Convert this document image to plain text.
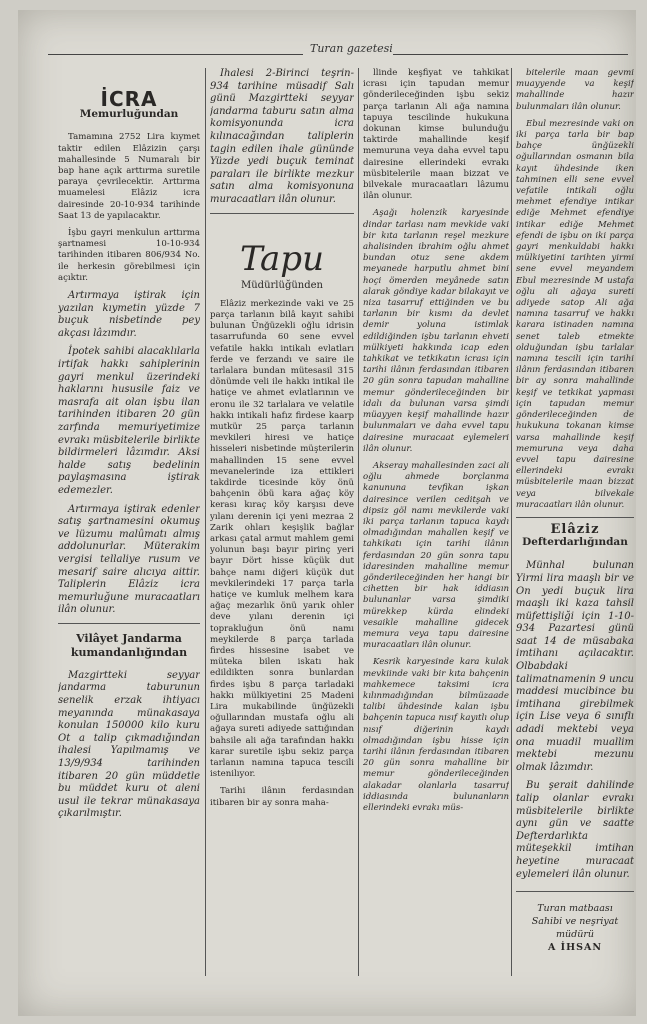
Turan gazetesi
İCRA
Memurluğundan

Tamamına 2752 Lira kıymet taktir edilen Elâzizin çarşı mahallesinde 5 Numaralı bir bap hane açık arttırma suretile paraya çevrilecektir. Arttırma muamelesi Elâziz icra dairesinde 20-10-934 tarihinde Saat 13 de yapılacaktır.

İşbu gayri menkulun arttırma şartnamesi 10-10-934 tarihinden itibaren 806/934 No. ile herkesin görebilmesi için açıktır.

Artırmaya iştirak için yazılan kıymetin yüzde 7 buçuk nisbetinde pey akçası lâzımdır.

İpotek sahibi alacaklılarla irtifak hakkı sahiplerinin gayri menkul üzerindeki haklarını hususile faiz ve masrafa ait olan işbu ilan tarihinden itibaren 20 gün zarfında memuriyetimize evrakı müsbitelerile birlikte bildirmeleri lâzımdır. Aksi halde satış bedelinin paylaşmasına iştirak edemezler.

Artırmaya iştirak edenler satış şartnamesini okumuş ve lüzumu malûmatı almış addolunurlar. Müterakim vergisi tellaliye rusum ve mesarif saire alıcıya aittir. Taliplerin Elâziz icra memurluğune muracaatları ilân olunur.

Vilâyet Jandarma kumandanlığından

Mazgirtteki seyyar jandarma taburunun senelik erzak ihtiyacı meyanında münakasaya konulan 150000 kilo kuru Ot a talip çıkmadığından ihalesi Yapılmamış ve 13/9/934 tarihinden itibaren 20 gün müddetle bu müddet kuru ot aleni usul ile tekrar münakasaya çıkarılmıştır.

İhalesi 2-Birinci teşrin-934 tarihine müsadif Salı günü Mazgirtteki seyyar jandarma taburu satın alma komisyonunda icra kılınacağından taliplerin tagin edilen ihale gününde Yüzde yedi buçuk teminat paraları ile birlikte mezkur satın alma komisyonuna muracaatları ilân olunur.

Tapu
Müdürlüğünden

Elâziz merkezinde vaki ve 25 parça tarlanın bilâ kayıt sahibi bulunan Ünğüzekli oğlu idrisin tasarrufunda 60 sene evvel vefatile hakkı intikalı evlatları ferde ve ferzandı ve saire ile tarlalara bundan mütesasil 315 dönümde veli ile hakkı intikal ile hatiçe ve ahmet evlatlarının ve eronu ile 32 tarlalara ve velatile hakkı intikali hafız firdese kaarp mutkür 25 parça tarlanın mevkileri hiresi ve hatiçe hisseleri nisbetinde müşterilerin mahallinden 15 sene evvel mevanelerinde iza ettikleri takdirde ticesinde köy önü bahçenin öbü kara ağaç köy kerası kıraç köy karşısı deve yılanı derenin içi yeni mezraa 2 Zarik ohları keşişlik bağlar arkası çatal armut mahlem gemi yolunun başı bayır pirinç yeri bayır Dört hisse küçük dut bahçe namı diğeri küçük dut mevkilerindeki 17 parça tarla hatiçe ve kumluk melhem kara ağaç mezarlık önü yarık ohler deve yılanı derenin içi toprakluğun önü namı meykilerde 8 parça tarlada firdes hissesine isabet ve müteka bilen iskatı hak edildikten sonra bunlardan firdes işbu 8 parça tarladaki hakkı mülkiyetini 25 Madeni Lira mukabilinde ünğüzekli oğullarından mustafa oğlu ali ağaya sureti adiyede sattığından bahsile ali ağa tarafından hakkı karar suretile işbu sekiz parça tarlanın namına tapuca tescili istenilıyor.

Tarihi ilânın ferdasından itibaren bir ay sonra maha-

llinde keşfiyat ve tahkikat icrası için tapudan memur gönderileceğinden işbu sekiz parça tarlanın Ali ağa namına tapuya tescilinde hukukuna dokunan kimse bulunduğu taktirde mahallinde keşif memuruna veya daha evvel tapu dairesine ellerindeki evrakı müsbitelerile maan bizzat ve bilvekale muracaatları lâzumu ilân olunur.

Aşağı holenzik karyesinde dindar tarlası nam mevkide vaki bir kıta tarlanın reşel mezkure ahalisinden ibrahim oğlu ahmet bundan otuz sene akdem meyanede harputlu ahmet bini hoçi ömerden meyânede satın alarak göndiye kadar bilakayıt ve niza tasarruf ettiğinden ve bu tarlanın bir kısmı da devlet demir yoluna istimlak edildiğinden işbu tarlanın ehveti mülkiyeti hakkında icap eden tahkikat ve tetkikatın icrası için tarihi ilânın ferdasından itibaren 20 gün sonra tapudan mahalline memur gönderileceğinden bir idalı da bulunan varsa şimdi müayyen keşif mahallinde hazır bulunmaları ve daha evvel tapu dairesine muracaat eylemeleri ilân olunur.

Akseray mahallesinden zaci ali oğlu ahmede borçlanma kanununa tevfikan işkan dairesince verilen ceditşah ve dipsiz göl namı mevkilerde vaki iki parça tarlanın tapuca kaydı olmadığından mahallen keşif ve tahkikatı için tarihi ilânın ferdasından 20 gün sonra tapu idaresinden mahalline memur gönderileceğinden her hangi bir cihetten bir hak iddiasın bulunanlar varsa şimdiki mürekkep kürda elindeki vesaikle mahalline gidecek memura veya tapu dairesine muracaatları ilân olunur.

Kesrik karyesinde kara kulak mevkiinde vaki bir kıta bahçenin mahkemece taksimi icra kılınmadığından bilmüzaade talibi ühdesinde kalan işbu bahçenin tapuca nısıf kayıtlı olup nısıf diğerinin kaydı olmadığından işbu hisse için tarihi ilânın ferdasından itibaren 20 gün sonra mahalline bir memur gönderileceğinden alakadar olanlarla tasarruf iddiasında bulunanların ellerindeki evrakı müs-

bitelerile maan gevmi muayyende va keşif mahallinde hazır bulunmaları ilân olunur.

Ebul mezresinde vaki on iki parça tarla bir bap bahçe ünğüzekli oğullarından osmanın bila kayıt ühdesinde iken tahminen elli sene evvel vefatile intikali oğlu mehmet efendiye intikar ediğe Mehmet efendiye intikar ediğe Mehmet efendi de işbu on iki parça gayri menkuldabi hakkı mülkiyetini tarihten yirmi sene evvel meyandem Ebul mezresinde M ustafa oğlu ali ağaya sureti adiyede satop Ali ağa namına tasarruf ve hakkı karara istinaden namına senet taleb etmekte olduğundan işbu tarlalar namına tescili için tarihi ilânın ferdasından itibaren bir ay sonra mahallinde keşif ve tetkikat yapması için tapudan memur gönderileceğinden de hukukuna tokanan kimse varsa mahallinde keşif memuruna veya daha evvel tapu dairesine ellerindeki evrakı müsbitelerile maan bizzat veya bilvekale muracaatları ilân olunur.

Elâziz
Defterdarlığından

Münhal bulunan Yirmi lira maaşlı bir ve On yedi buçuk lira maaşlı iki kaza tahsil müfettişliği için 1-10-934 Pazartesi günü saat 14 de müsabaka imtihanı açılacaktır. Olbabdaki talimatnamenin 9 uncu maddesi mucibince bu imtihana girebilmek için Lise veya 6 sınıflı adadi mektebi veya ona muadil muallim mektebi mezunu olmak lâzımdır.

Bu şerait dahilinde talip olanlar evrakı müsbitelerile birlikte aynı gün ve saatte Defterdarlıkta müteşekkil imtihan heyetine muracaat eylemeleri ilân olunur.

Turan matbaası
Sahibi ve neşriyat müdürü
A İHSAN
